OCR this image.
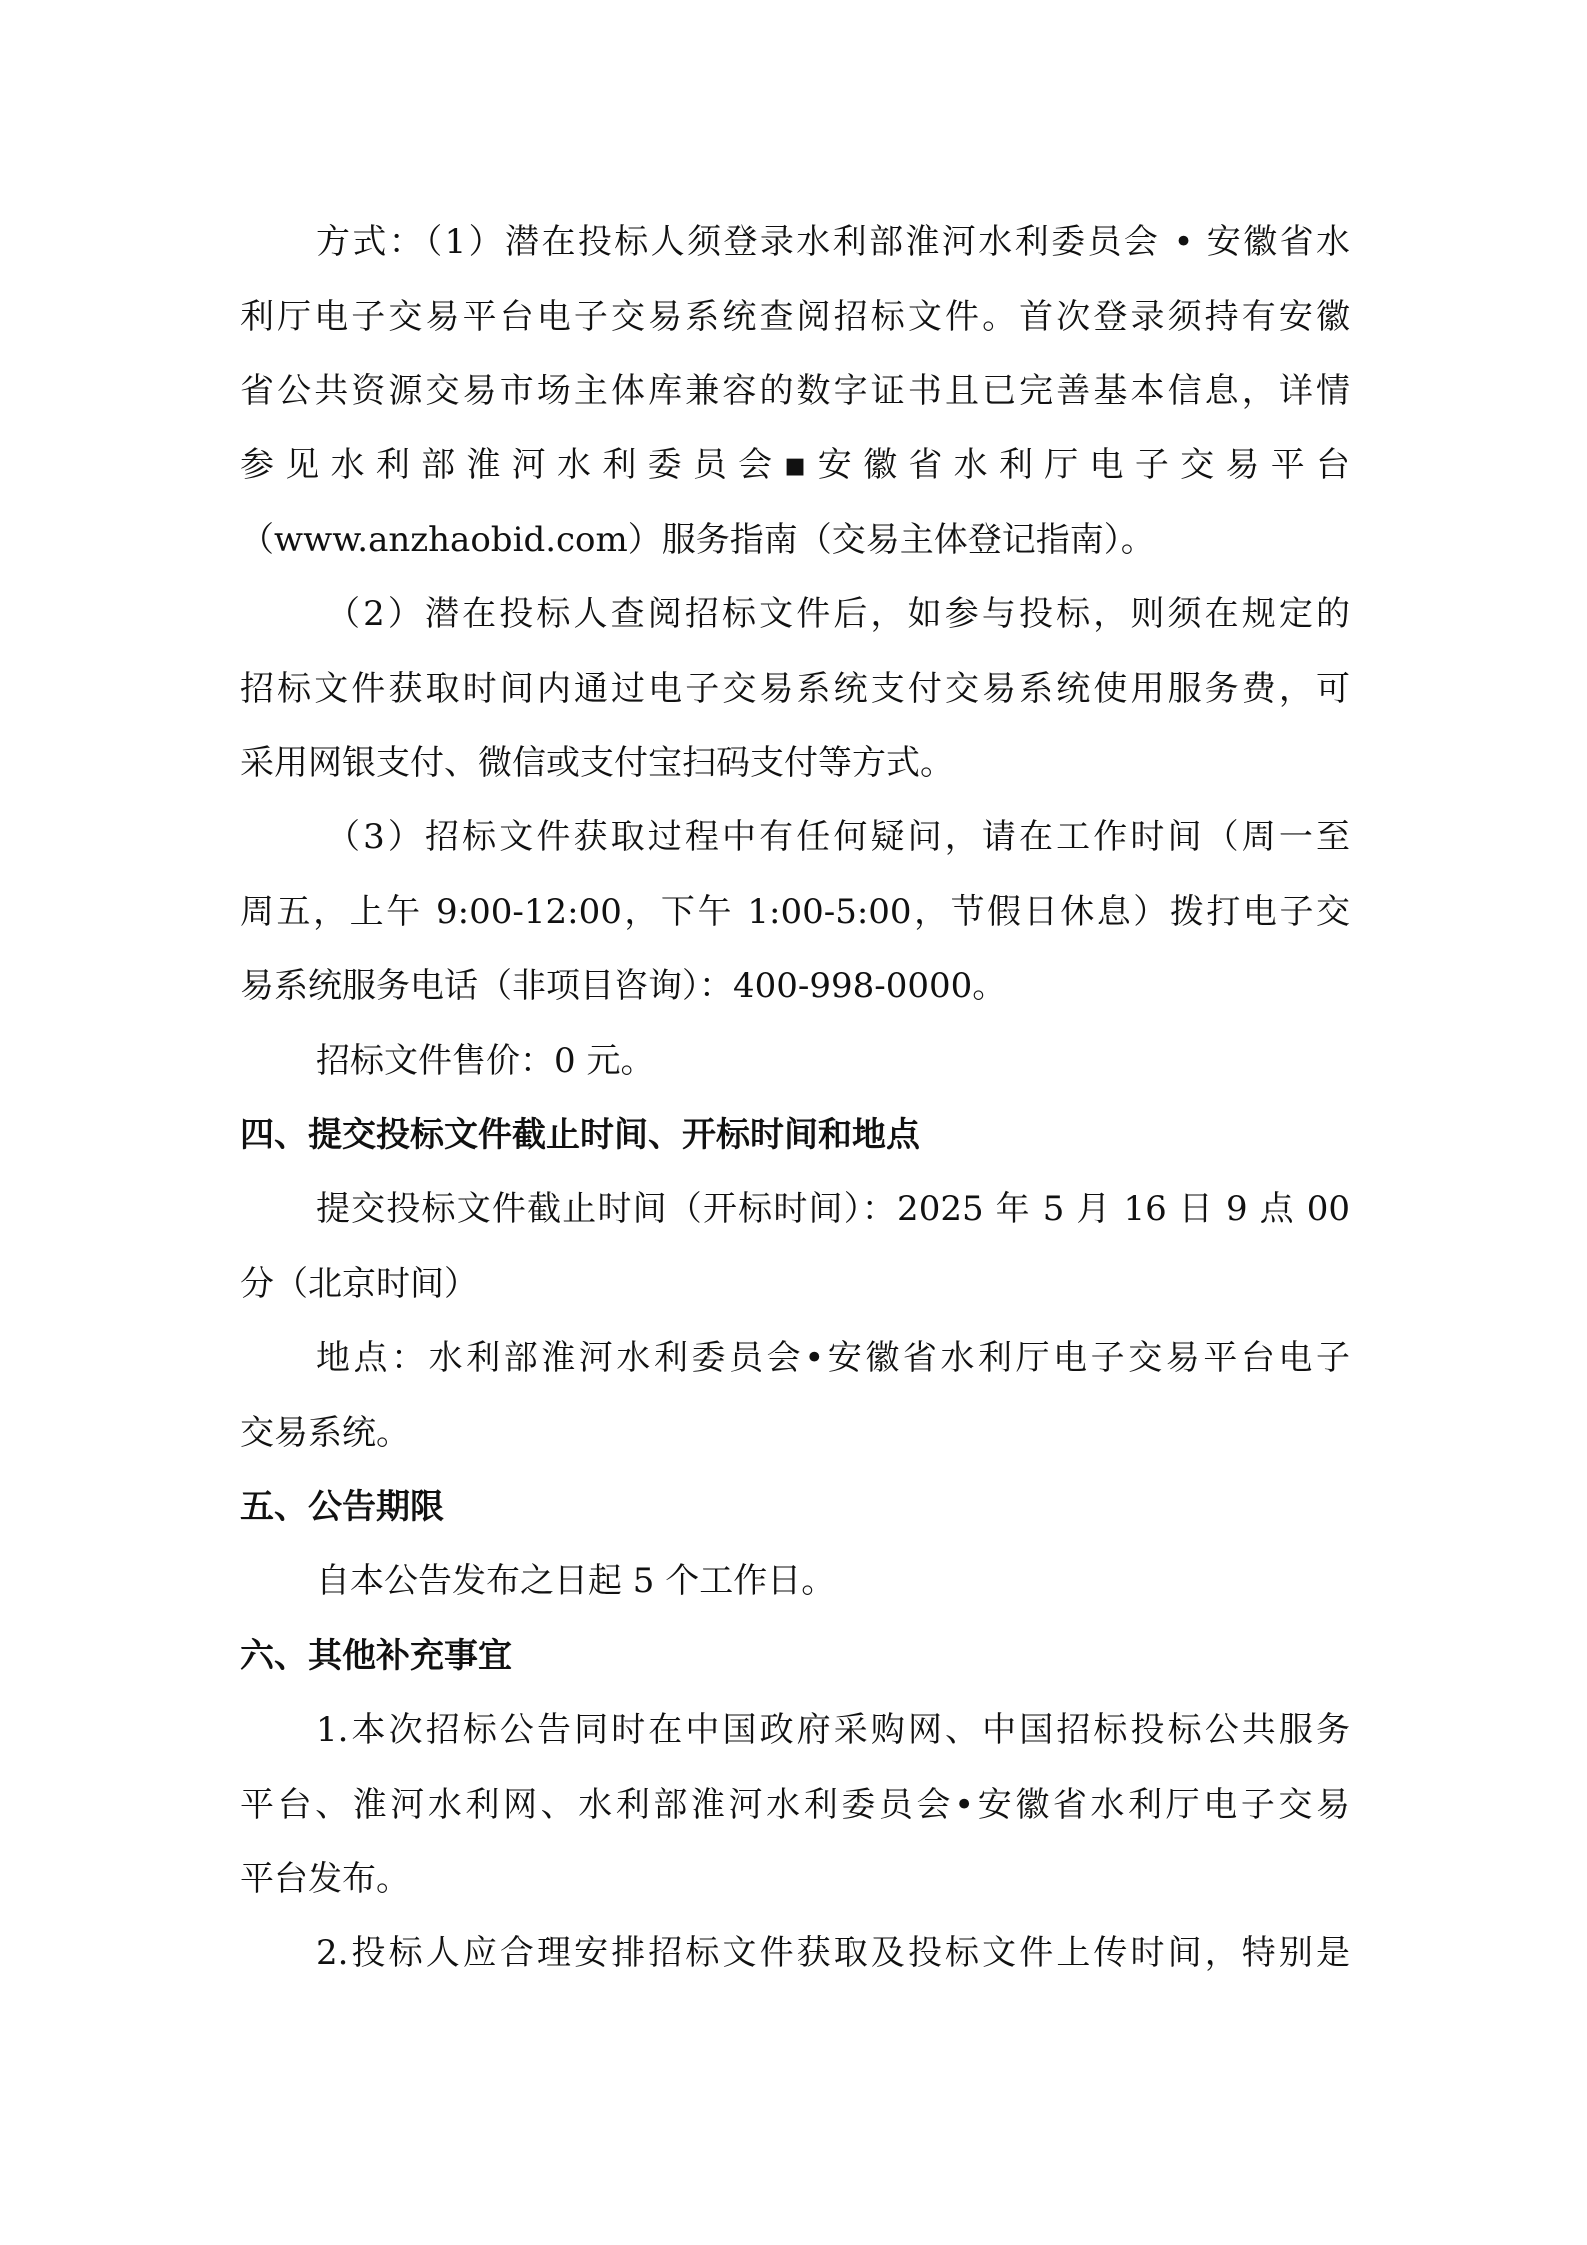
方式：（1）潜在投标人须登录水利部淮河水利委员会 • 安徽省水

利厅电子交易平台电子交易系统查阅招标文件。首次登录须持有安徽

省公共资源交易市场主体库兼容的数字证书且已完善基本信息，详情

参见水利部淮河水利委员会▪安徽省水利厅电子交易平台

（www.anzhaobid.com）服务指南（交易主体登记指南）。

（2）潜在投标人查阅招标文件后，如参与投标，则须在规定的

招标文件获取时间内通过电子交易系统支付交易系统使用服务费，可

采用网银支付、微信或支付宝扫码支付等方式。

（3）招标文件获取过程中有任何疑问，请在工作时间（周一至

周五，上午 9:00-12:00，下午 1:00-5:00，节假日休息）拨打电子交

易系统服务电话（非项目咨询）：400-998-0000。

招标文件售价：0 元。

四、提交投标文件截止时间、开标时间和地点

提交投标文件截止时间（开标时间）：2025 年 5 月 16 日 9 点 00

分（北京时间）

地点：水利部淮河水利委员会•安徽省水利厅电子交易平台电子

交易系统。

五、公告期限

自本公告发布之日起 5 个工作日。

六、其他补充事宜

1.本次招标公告同时在中国政府采购网、中国招标投标公共服务

平台、淮河水利网、水利部淮河水利委员会•安徽省水利厅电子交易

平台发布。

2.投标人应合理安排招标文件获取及投标文件上传时间，特别是
